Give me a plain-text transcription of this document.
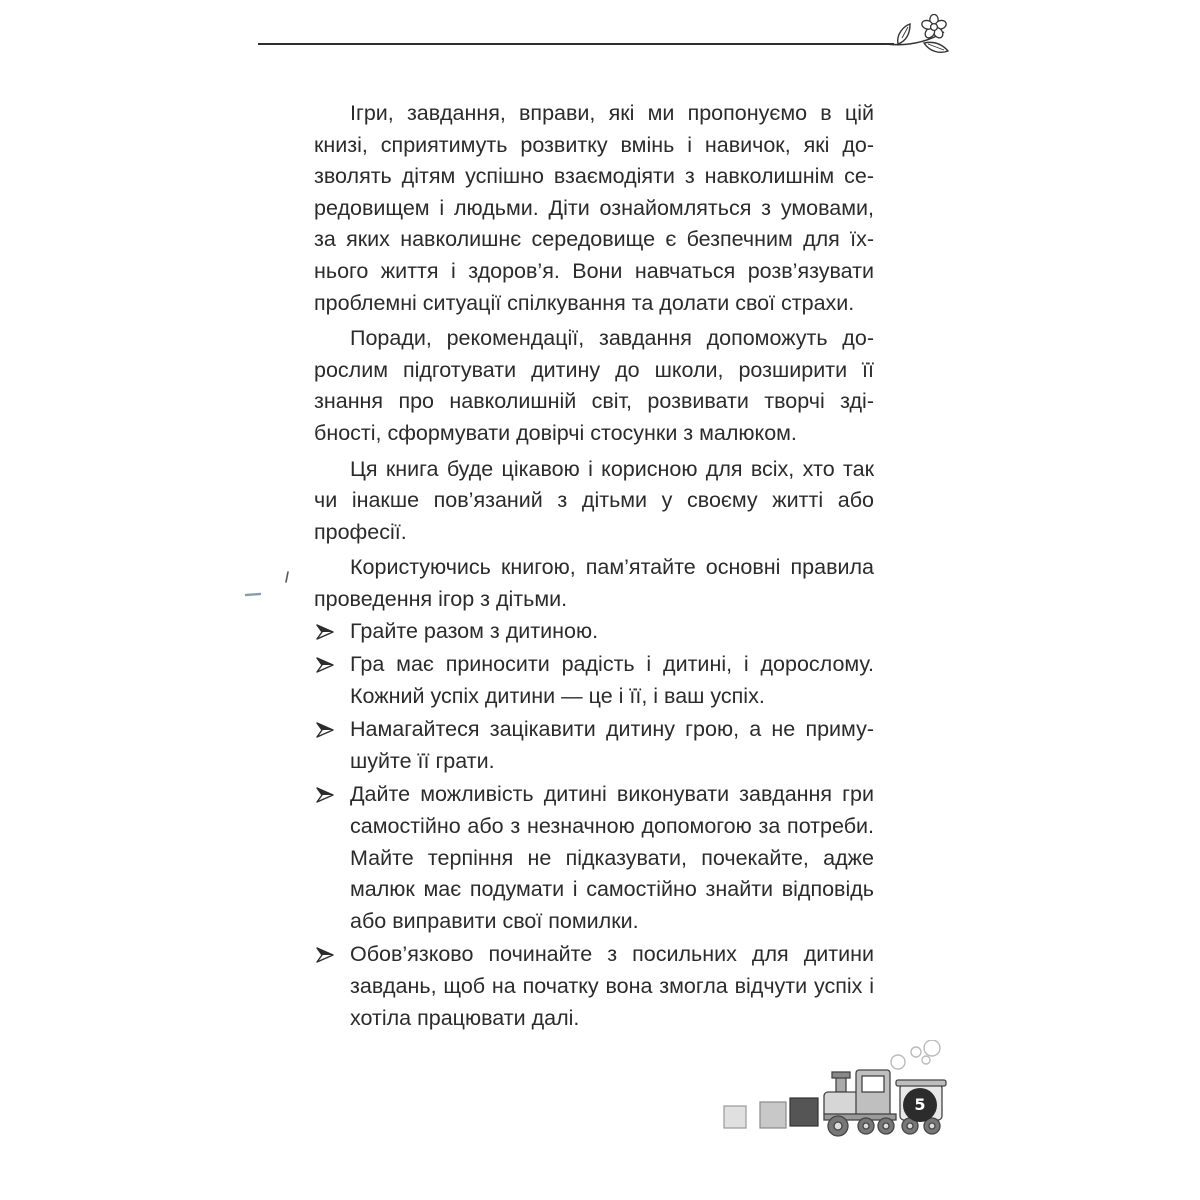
Ігри, завдання, вправи, які ми пропонуємо в цій книзі, сприятимуть розвитку вмінь і навичок, які дозволять дітям успішно взаємодіяти з навколишнім середовищем і людьми. Діти ознайомляться з умовами, за яких навколишнє середовище є безпечним для їхнього життя і здоров’я. Вони навчаться розв’язувати проблемні ситуації спілкування та долати свої страхи.

Поради, рекомендації, завдання допоможуть дорослим підготувати дитину до школи, розширити її знання про навколишній світ, розвивати творчі здібності, сформувати довірчі стосунки з малюком.

Ця книга буде цікавою і корисною для всіх, хто так чи інакше пов’язаний з дітьми у своєму житті або професії.

Користуючись книгою, пам’ятайте основні правила проведення ігор з дітьми.

Грайте разом з дитиною.
Гра має приносити радість і дитині, і дорослому. Кожний успіх дитини — це і її, і ваш успіх.
Намагайтеся зацікавити дитину грою, а не примушуйте її грати.
Дайте можливість дитині виконувати завдання гри самостійно або з незначною допомогою за потреби. Майте терпіння не підказувати, почекайте, адже малюк має подумати і самостійно знайти відповідь або виправити свої помилки.
Обов’язково починайте з посильних для дитини завдань, щоб на початку вона змогла відчути успіх і хотіла працювати далі.
5
